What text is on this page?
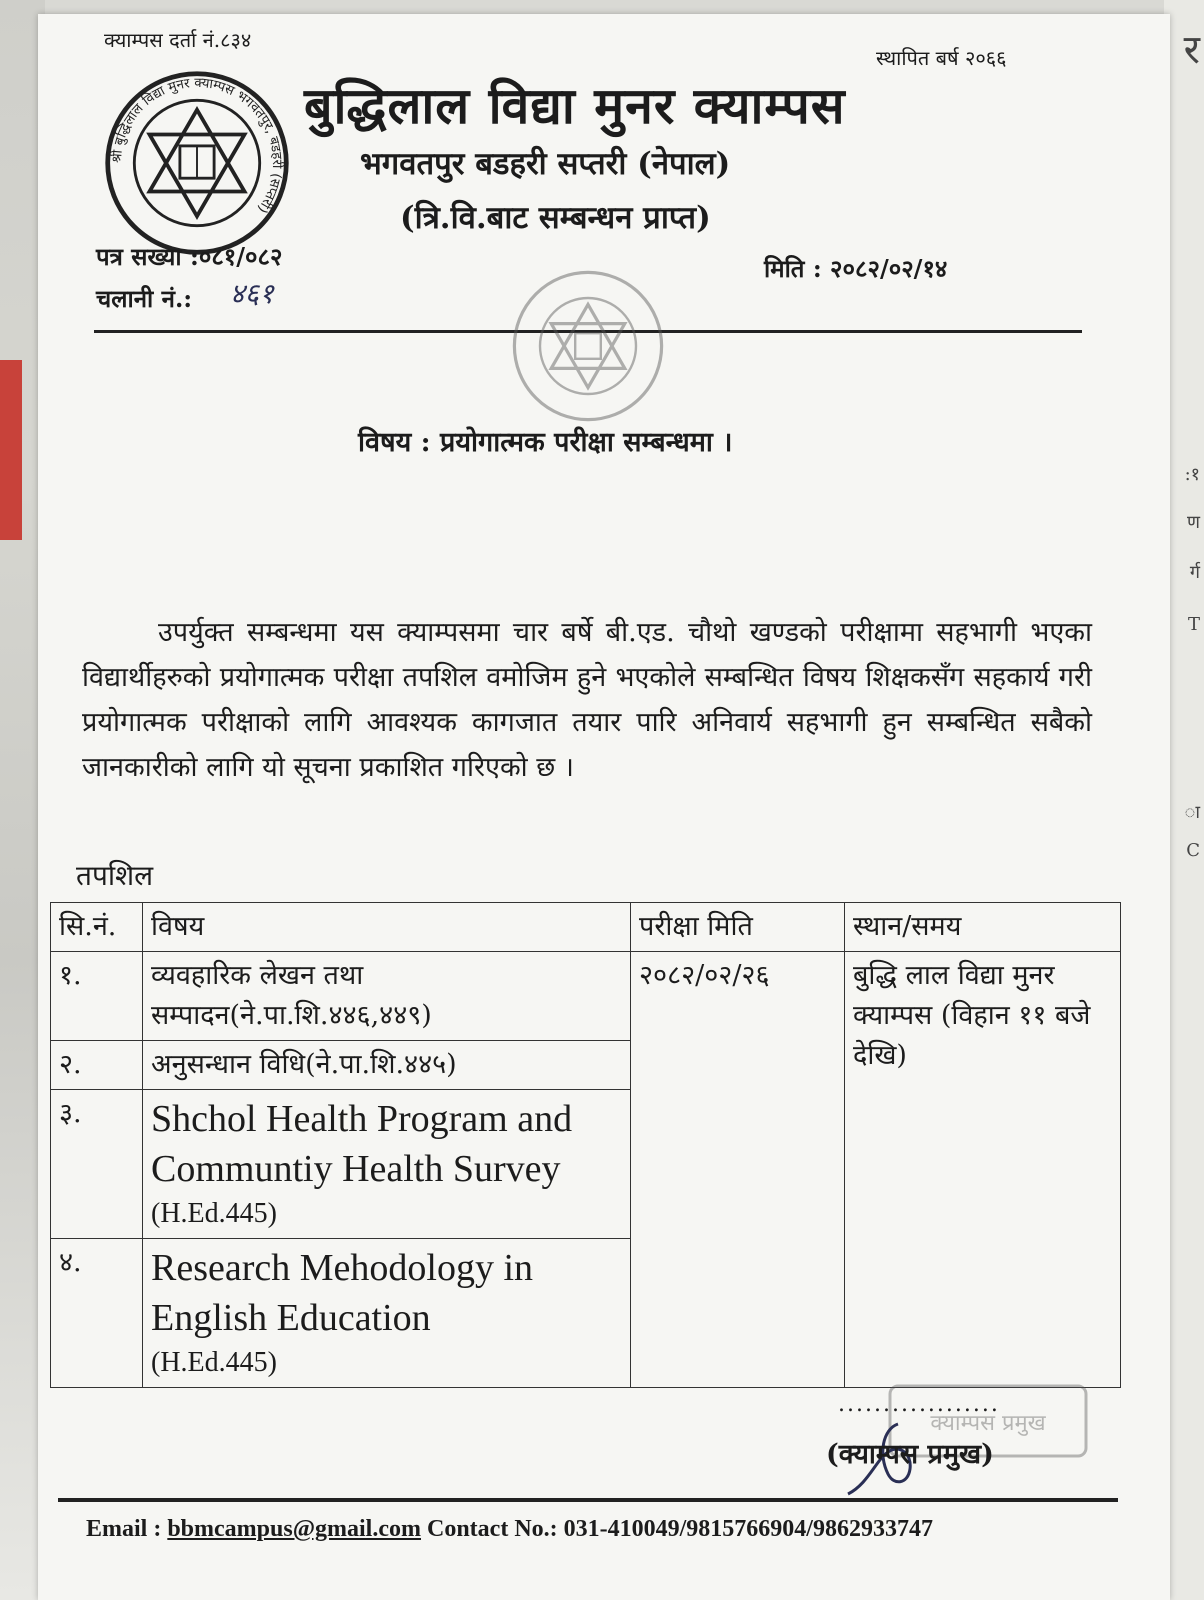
र
:१
ण
र्ग
T
ा
C
क्याम्पस दर्ता नं.८३४
स्थापित बर्ष २०६६
श्री बुद्धिलाल विद्या मुनर क्याम्पस भगवतपुर, बडहरी (सप्तरी)
बुद्धिलाल विद्या मुनर क्याम्पस
भगवतपुर बडहरी सप्तरी (नेपाल)
(त्रि.वि.बाट सम्बन्धन प्राप्त)
पत्र सख्या :०८१/०८२
चलानी नं.: ४६१
मिति : २०८२/०२/१४
विषय : प्रयोगात्मक परीक्षा सम्बन्धमा ।
उपर्युक्त सम्बन्धमा यस क्याम्पसमा चार बर्षे बी.एड. चौथो खण्डको परीक्षामा सहभागी भएका विद्यार्थीहरुको प्रयोगात्मक परीक्षा तपशिल वमोजिम हुने भएकोले सम्बन्धित विषय शिक्षकसँग सहकार्य गरी प्रयोगात्मक परीक्षाको लागि आवश्यक कागजात तयार पारि अनिवार्य सहभागी हुन सम्बन्धित सबैको जानकारीको लागि यो सूचना प्रकाशित गरिएको छ ।
तपशिल
सि.नं.	विषय	परीक्षा मिति	स्थान/समय
१.	व्यवहारिक लेखन तथा सम्पादन(ने.पा.शि.४४६,४४९)	२०८२/०२/२६	बुद्धि लाल विद्या मुनर क्याम्पस (विहान ११ बजे देखि)
२.	अनुसन्धान विधि(ने.पा.शि.४४५)		
३.	Shchol Health Program and Communtiy Health Survey (H.Ed.445)		
४.	Research Mehodology in English Education
(H.Ed.445)		
क्याम्पस प्रमुख
..................
(क्याम्पस प्रमुख)
Email : bbmcampus@gmail.com Contact No.: 031-410049/9815766904/9862933747
